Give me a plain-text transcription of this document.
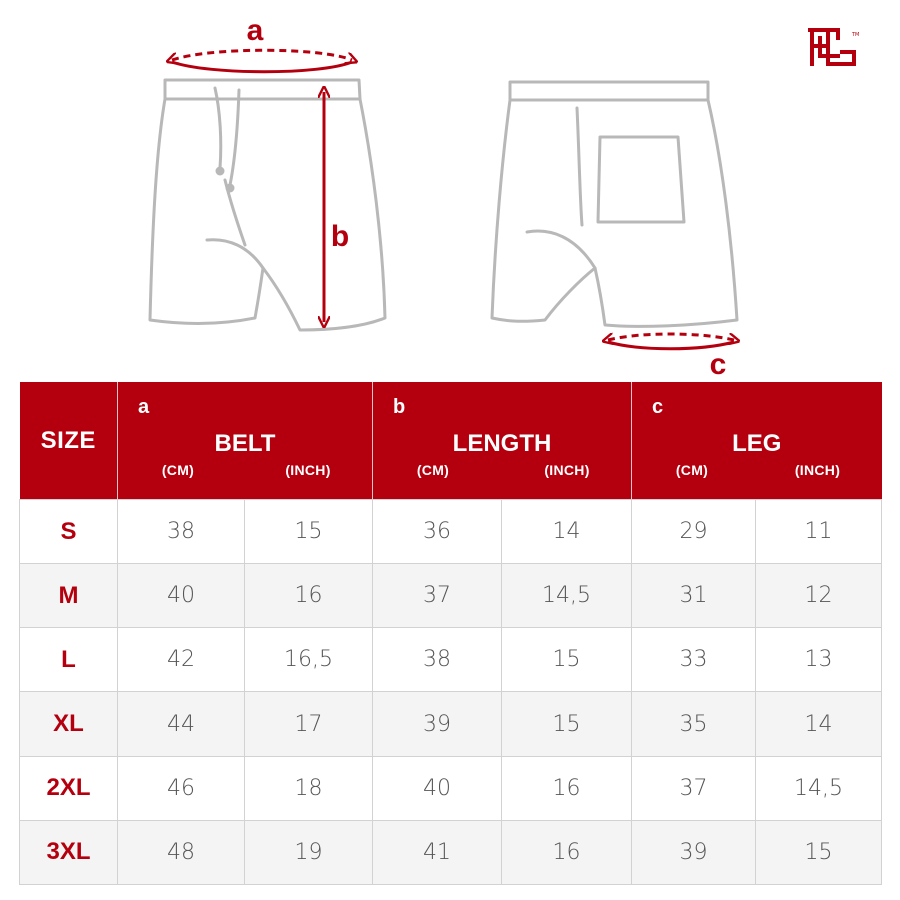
a
b
c
TM
SIZE	a
BELT
(CM) (INCH)		b
LENGTH
(CM) (INCH)		c
LEG
(CM) (INCH)	

S	38	15	36	14	29	11
M	40	16	37	14,5	31	12
L	42	16,5	38	15	33	13
XL	44	17	39	15	35	14
2XL	46	18	40	16	37	14,5
3XL	48	19	41	16	39	15
